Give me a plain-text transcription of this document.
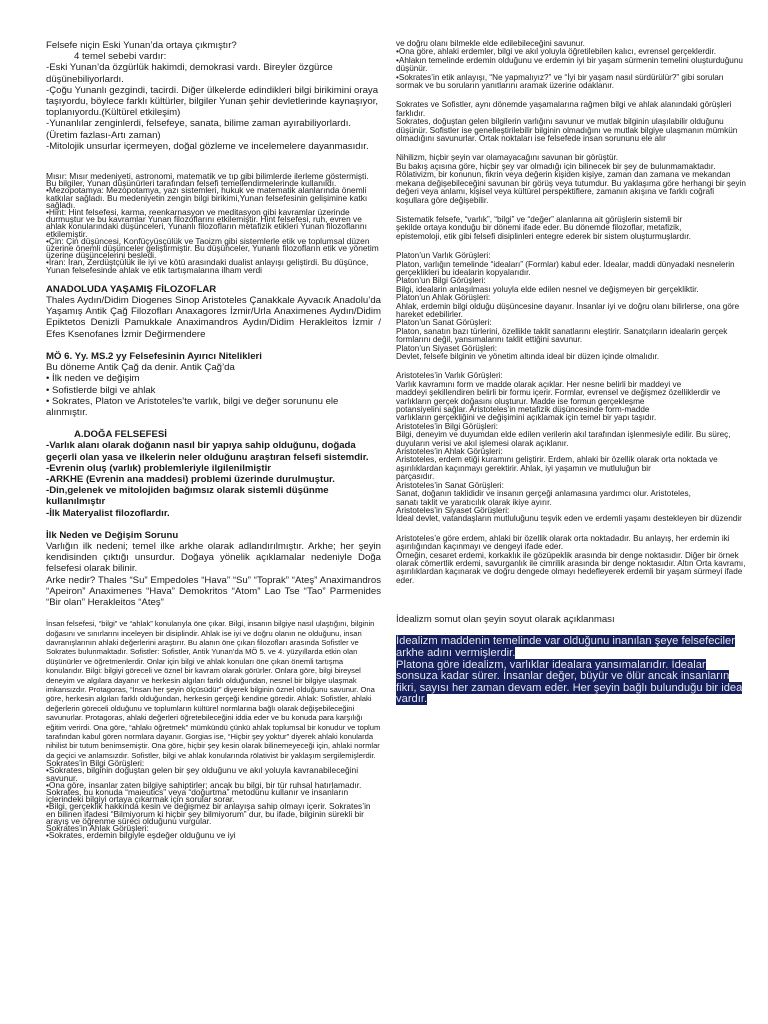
Felsefe niçin Eski Yunan’da ortaya çıkmıştır?

4 temel sebebi vardır:

-Eski Yunan’da özgürlük hakimdi, demokrasi vardı. Bireyler özgürce düşünebiliyorlardı.

-Çoğu Yunanlı gezgindi, tacirdi. Diğer ülkelerde edindikleri bilgi birikimini oraya taşıyordu, böylece farklı kültürler, bilgiler Yunan şehir devletlerinde kaynaşıyor, toplanıyordu.(Kültürel etkileşim)

-Yunanlılar zenginlerdi, felsefeye, sanata, bilime zaman ayırabiliyorlardı. (Üretim fazlası-Artı zaman)

-Mitolojik unsurlar içermeyen, doğal gözleme ve incelemelere dayanmasıdır.

Mısır: Mısır medeniyeti, astronomi, matematik ve tıp gibi bilimlerde ilerleme göstermişti. Bu bilgiler, Yunan düşünürleri tarafından felsefi temellendirmelerinde kullanıldı.

•Mezopotamya: Mezopotamya, yazı sistemleri, hukuk ve matematik alanlarında önemli katkılar sağladı. Bu medeniyetin zengin bilgi birikimi,Yunan felsefesinin gelişimine katkı sağladı.

•Hint: Hint felsefesi, karma, reenkarnasyon ve meditasyon gibi kavramlar üzerinde durmuştur ve bu kavramlar Yunan filozoflarını etkilemiştir. Hint felsefesi, ruh, evren ve ahlak konularındaki düşünceleri, Yunanlı filozofların metafizik etikleri Yunan filozoflarını etkilemiştir.

•Çin: Çin düşüncesi, Konfüçyüsçülük ve Taoizm gibi sistemlerle etik ve toplumsal düzen üzerine önemli düşünceler geliştirmiştir. Bu düşünceler, Yunanlı filozofların etik ve yönetim üzerine düşüncelerini besledi.

•İran: İran, Zerdüştçülük ile iyi ve kötü arasındaki dualist anlayışı geliştirdi. Bu düşünce, Yunan felsefesinde ahlak ve etik tartışmalarına ilham verdi

ANADOLUDA YAŞAMIŞ FİLOZOFLAR

Thales Aydın/Didim Diogenes Sinop Aristoteles Çanakkale Ayvacık Anadolu’da Yaşamış Antik Çağ Filozofları Anaxagores İzmir/Urla Anaximenes Aydın/Didim Epiktetos Denizli Pamukkale Anaximandros Aydın/Didim Herakleitos İzmir / Efes Ksenofanes İzmir Değirmendere

MÖ 6. Yy. MS.2 yy Felsefesinin Ayırıcı Nitelikleri

Bu döneme Antik Çağ da denir. Antik Çağ’da

• İlk neden ve değişim

• Sofistlerde bilgi ve ahlak

• Sokrates, Platon ve Aristoteles’te varlık, bilgi ve değer sorununu ele alınmıştır.

A.DOĞA FELSEFESİ

-Varlık alanı olarak doğanın nasıl bir yapıya sahip olduğunu, doğada geçerli olan yasa ve ilkelerin neler olduğunu araştıran felsefi sistemdir.

-Evrenin oluş (varlık) problemleriyle ilgilenilmiştir

-ARKHE (Evrenin ana maddesi) problemi üzerinde durulmuştur.

-Din,gelenek ve mitolojiden bağımsız olarak sistemli düşünme kullanılmıştır

-İlk Materyalist filozoflardır.

İlk Neden ve Değişim Sorunu

Varlığın ilk nedeni; temel ilke arkhe olarak adlandırılmıştır. Arkhe; her şeyin kendisinden çıktığı unsurdur. Doğaya yönelik açıklamalar nedeniyle Doğa felsefesi olarak bilinir.

Arke nedir? Thales “Su” Empedoles “Hava” “Su” “Toprak” “Ateş” Anaximandros “Apeiron” Anaximenes “Hava” Demokritos “Atom” Lao Tse “Tao” Parmenides “Bir olan” Herakleitos “Ateş”

İnsan felsefesi, “bilgi” ve “ahlak” konularıyla öne çıkar. Bilgi, insanın bilgiye nasıl ulaştığını, bilginin doğasını ve sınırlarını inceleyen bir disiplindir. Ahlak ise iyi ve doğru olanın ne olduğunu, insan davranışlarının ahlaki değerlerini araştırır. Bu alanın öne çıkan filozofları arasında Sofistler ve Sokrates bulunmaktadır. Sofistler: Sofistler, Antik Yunan’da MÖ 5. ve 4. yüzyıllarda etkin olan düşünürler ve öğretmenlerdir. Onlar için bilgi ve ahlak konuları öne çıkan önemli tartışma konularıdır. Bilgi: bilgiyi göreceli ve öznel bir kavram olarak görürler. Onlara göre, bilgi bireysel deneyim ve algılara dayanır ve herkesin algıları farklı olduğundan, nesnel bir bilgiye ulaşmak imkansızdır. Protagoras, “İnsan her şeyin ölçüsüdür” diyerek bilginin öznel olduğunu savunur. Ona göre, herkesin algıları farklı olduğundan, herkesin gerçeği kendine göredir. Ahlak: Sofistler, ahlaki değerlerin göreceli olduğunu ve toplumların kültürel normlarına bağlı olarak değişebileceğini savunurlar. Protagoras, ahlaki değerleri öğretebileceğini iddia eder ve bu konuda para karşılığı eğitim verirdi. Ona göre, “ahlakı öğretmek” mümkündü çünkü ahlak toplumsal bir konudur ve toplum tarafından kabul gören normlara dayanır. Gorgias ise, “Hiçbir şey yoktur” diyerek ahlaki konularda nihilist bir tutum benimsemiştir. Ona göre, hiçbir şey kesin olarak bilinemeyeceği için, ahlaki normlar da geçici ve anlamsızdır. Sofistler, bilgi ve ahlak konularında rölativist bir yaklaşım sergilemişlerdir.

Sokrates’in Bilgi Görüşleri:

•Sokrates, bilginin doğuştan gelen bir şey olduğunu ve akıl yoluyla kavranabileceğini savunur.

•Ona göre, insanlar zaten bilgiye sahiptirler; ancak bu bilgi, bir tür ruhsal hatırlamadır. Sokrates, bu konuda “maieutics” veya “doğurtma” metodunu kullanır ve insanların içlerindeki bilgiyi ortaya çıkarmak için sorular sorar.

•Bilgi, gerçeklik hakkında kesin ve değişmez bir anlayışa sahip olmayı içerir. Sokrates’in en bilinen ifadesi “Bilmiyorum ki hiçbir şey bilmiyorum” dur, bu ifade, bilginin sürekli bir arayış ve öğrenme süreci olduğunu vurgular.

Sokrates’in Ahlak Görüşleri:

•Sokrates, erdemin bilgiyle eşdeğer olduğunu ve iyi

ve doğru olanı bilmekle elde edilebileceğini savunur.

•Ona göre, ahlaki erdemler, bilgi ve akıl yoluyla öğretilebilen kalıcı, evrensel gerçeklerdir.

•Ahlakın temelinde erdemin olduğunu ve erdemin iyi bir yaşam sürmenin temelini oluşturduğunu düşünür.

•Sokrates’in etik anlayışı, “Ne yapmalıyız?” ve “İyi bir yaşam nasıl sürdürülür?” gibi soruları sormak ve bu soruların yanıtlarını aramak üzerine odaklanır.

Sokrates ve Sofistler, aynı dönemde yaşamalarına rağmen bilgi ve ahlak alanındaki görüşleri farklıdır.

Sokrates, doğuştan gelen bilgilerin varlığını savunur ve mutlak bilginin ulaşılabilir olduğunu düşünür. Sofistler ise genelleştirilebilir bilginin olmadığını ve mutlak bilgiye ulaşmanın mümkün olmadığını savunurlar. Ortak noktaları ise felsefede insan sorununu ele alır

Nihilizm, hiçbir şeyin var olamayacağını savunan bir görüştür.

Bu bakış açısına göre, hiçbir şey var olmadığı için bilinecek bir şey de bulunmamaktadır.

Rölativizm, bir konunun, fikrin veya değerin kişiden kişiye, zaman dan zamana ve mekandan mekana değişebileceğini savunan bir görüş veya tutumdur. Bu yaklaşıma göre herhangi bir şeyin değeri veya anlamı, kişisel veya kültürel perspektiflere, zamanın akışına ve farklı coğrafi koşullara göre değişebilir.

Sistematik felsefe, “varlık”, “bilgi” ve “değer” alanlarına ait görüşlerin sistemli bir

şekilde ortaya konduğu bir dönemi ifade eder. Bu dönemde filozoflar, metafizik,

epistemoloji, etik gibi felsefi disiplinleri entegre ederek bir sistem oluşturmuşlardır.

Platon’un Varlık Görüşleri:

Platon, varlığın temelinde “ideaları” (Formlar) kabul eder. İdealar, maddi dünyadaki nesnelerin gerçeklikleri bu idealarin kopyalarıdır.

Platon’un Bilgi Görüşleri:

Bilgi, idealarin anlaşılması yoluyla elde edilen nesnel ve değişmeyen bir gerçekliktir.

Platon’un Ahlak Görüşleri:

Ahlak, erdemin bilgi olduğu düşüncesine dayanır. İnsanlar iyi ve doğru olanı bilirlerse, ona göre hareket edebilirler.

Platon’un Sanat Görüşleri:

Platon, sanatın bazı türlerini, özellikle taklit sanatlarını eleştirir. Sanatçıların idealarin gerçek formlarını değil, yansımalarını taklit ettiğini savunur.

Platon’un Siyaset Görüşleri:

Devlet, felsefe bilginin ve yönetim altında ideal bir düzen içinde olmalıdır.

Aristoteles’in Varlık Görüşleri:

Varlık kavramını form ve madde olarak açıklar. Her nesne belirli bir maddeyi ve

maddeyi şekillendiren belirli bir formu içerir. Formlar, evrensel ve değişmez özelliklerdir ve varlıkların gerçek doğasını oluşturur. Madde ise formun gerçekleşme

potansiyelini sağlar. Aristoteles’in metafizik düşüncesinde form-madde

varlıkların gerçekliğini ve değişimini açıklamak için temel bir yapı taşıdır.

Aristoteles’in Bilgi Görüşleri:

Bilgi, deneyim ve duyumdan elde edilen verilerin akıl tarafından işlenmesiyle edilir. Bu süreç, duyuların verisi ve akıl işlemesi olarak açıklanır.

Aristoteles’in Ahlak Görüşleri:

Aristoteles, erdem etiği kuramını geliştirir. Erdem, ahlaki bir özellik olarak orta noktada ve aşırılıklardan kaçınmayı gerektirir. Ahlak, iyi yaşamın ve mutluluğun bir

parçasıdır.

Aristoteles’in Sanat Görüşleri:

Sanat, doğanın taklididir ve insanın gerçeği anlamasına yardımcı olur. Aristoteles,

sanatı taklit ve yaratıcılık olarak ikiye ayırır.

Aristoteles’in Siyaset Görüşleri:

İdeal devlet, vatandaşların mutluluğunu teşvik eden ve erdemli yaşamı destekleyen bir düzendir

Aristoteles’e göre erdem, ahlaki bir özellik olarak orta noktadadır. Bu anlayış, her erdemin iki aşırılığından kaçınmayı ve dengeyi ifade eder.

Örneğin, cesaret erdemi, korkaklık ile gözüpeklik arasında bir denge noktasıdır. Diğer bir örnek olarak cömertlik erdemi, savurganlık ile cimrilik arasında bir denge noktasıdır. Altın Orta kavramı, aşırılıklardan kaçınarak ve doğru dengede olmayı hedefleyerek erdemli bir yaşam sürmeyi ifade eder.

İdealizm somut olan şeyin soyut olarak açıklanması

İdealizm maddenin temelinde var olduğunu inanılan şeye felsefeciler arkhe adını vermişlerdir.

Platona göre idealizm, varlıklar idealara yansımalarıdır. İdealar sonsuza kadar sürer. İnsanlar değer, büyür ve ölür ancak insanların fikri, sayısı her zaman devam eder. Her şeyin bağlı bulunduğu bir idea vardır.
